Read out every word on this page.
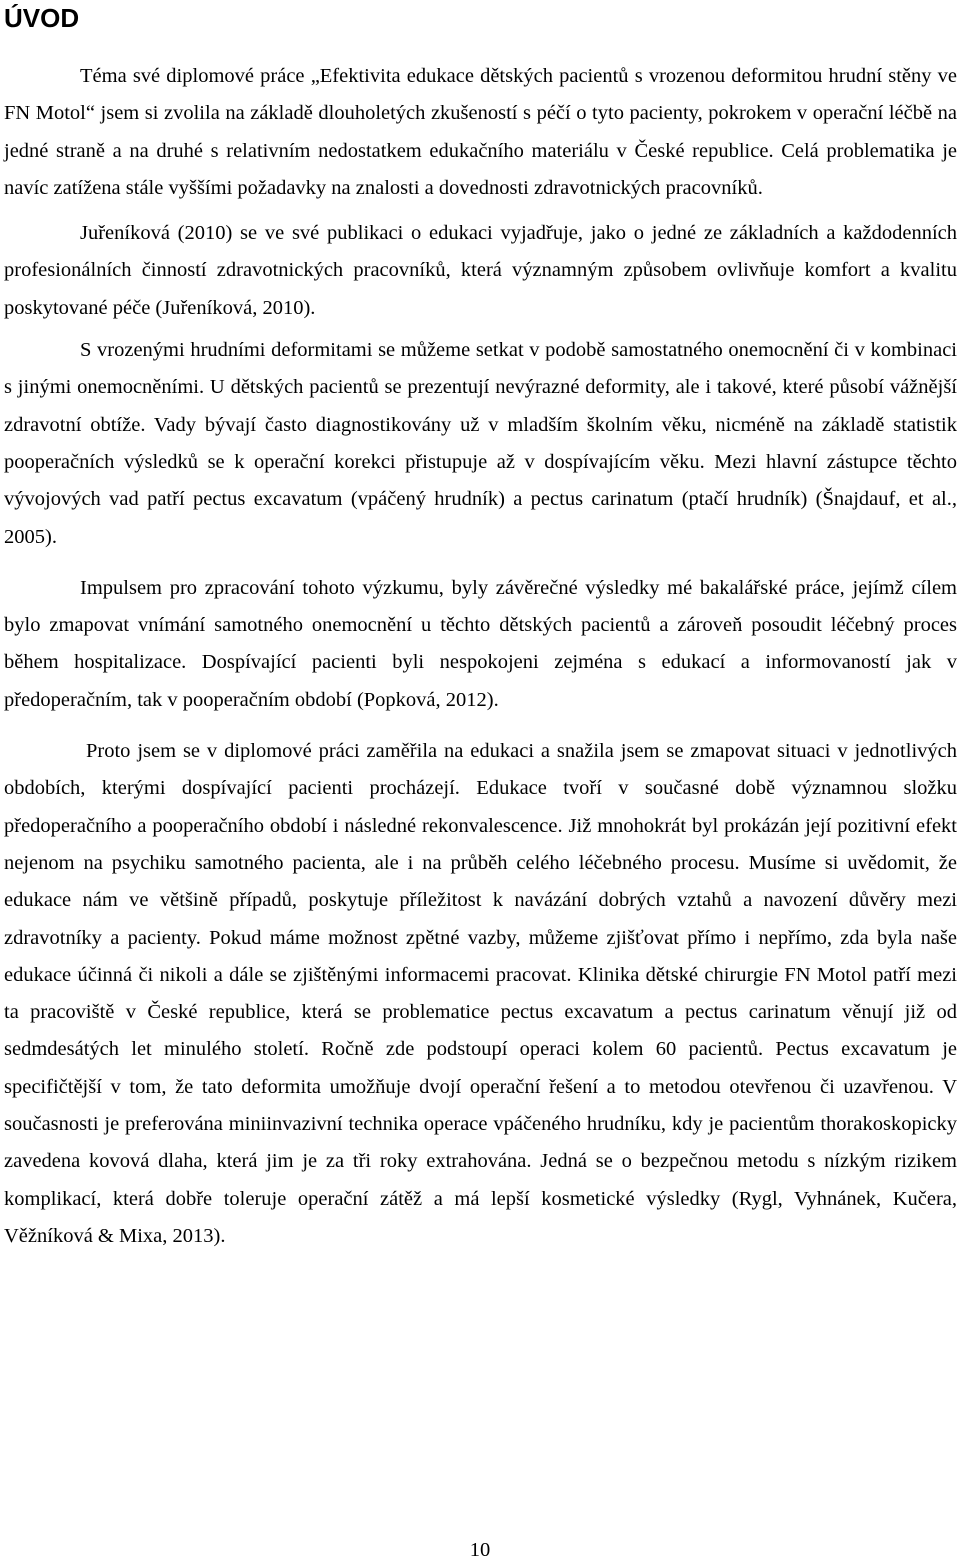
ÚVOD

Téma své diplomové práce „Efektivita edukace dětských pacientů s vrozenou deformitou hrudní stěny ve FN Motol“ jsem si zvolila na základě dlouholetých zkušeností s péčí o tyto pacienty, pokrokem v operační léčbě na jedné straně a na druhé s relativním nedostatkem edukačního materiálu v České republice. Celá problematika je navíc zatížena stále vyššími požadavky na znalosti a dovednosti zdravotnických pracovníků.

Juřeníková (2010) se ve své publikaci o edukaci vyjadřuje, jako o jedné ze základních a každodenních profesionálních činností zdravotnických pracovníků, která významným způsobem ovlivňuje komfort a kvalitu poskytované péče (Juřeníková, 2010).

S vrozenými hrudními deformitami se můžeme setkat v podobě samostatného onemocnění či v kombinaci s jinými onemocněními. U dětských pacientů se prezentují nevýrazné deformity, ale i takové, které působí vážnější zdravotní obtíže. Vady bývají často diagnostikovány už v mladším školním věku, nicméně na základě statistik pooperačních výsledků se k operační korekci přistupuje až v dospívajícím věku. Mezi hlavní zástupce těchto vývojových vad patří pectus excavatum (vpáčený hrudník) a pectus carinatum (ptačí hrudník) (Šnajdauf, et al., 2005).

Impulsem pro zpracování tohoto výzkumu, byly závěrečné výsledky mé bakalářské práce, jejímž cílem bylo zmapovat vnímání samotného onemocnění u těchto dětských pacientů a zároveň posoudit léčebný proces během hospitalizace. Dospívající pacienti byli nespokojeni zejména s edukací a informovaností jak v předoperačním, tak v pooperačním období (Popková, 2012).

Proto jsem se v diplomové práci zaměřila na edukaci a snažila jsem se zmapovat situaci v jednotlivých obdobích, kterými dospívající pacienti procházejí. Edukace tvoří v současné době významnou složku předoperačního a pooperačního období i následné rekonvalescence. Již mnohokrát byl prokázán její pozitivní efekt nejenom na psychiku samotného pacienta, ale i na průběh celého léčebného procesu. Musíme si uvědomit, že edukace nám ve většině případů, poskytuje příležitost k navázání dobrých vztahů a navození důvěry mezi zdravotníky a pacienty. Pokud máme možnost zpětné vazby, můžeme zjišťovat přímo i nepřímo, zda byla naše edukace účinná či nikoli a dále se zjištěnými informacemi pracovat. Klinika dětské chirurgie FN Motol patří mezi ta pracoviště v České republice, která se problematice pectus excavatum a pectus carinatum věnují již od sedmdesátých let minulého století. Ročně zde podstoupí operaci kolem 60 pacientů. Pectus excavatum je specifičtější v tom, že tato deformita umožňuje dvojí operační řešení a to metodou otevřenou či uzavřenou. V současnosti je preferována miniinvazivní technika operace vpáčeného hrudníku, kdy je pacientům thorakoskopicky zavedena kovová dlaha, která jim je za tři roky extrahována. Jedná se o bezpečnou metodu s nízkým rizikem komplikací, která dobře toleruje operační zátěž a má lepší kosmetické výsledky (Rygl, Vyhnánek, Kučera, Věžníková & Mixa, 2013).

10
